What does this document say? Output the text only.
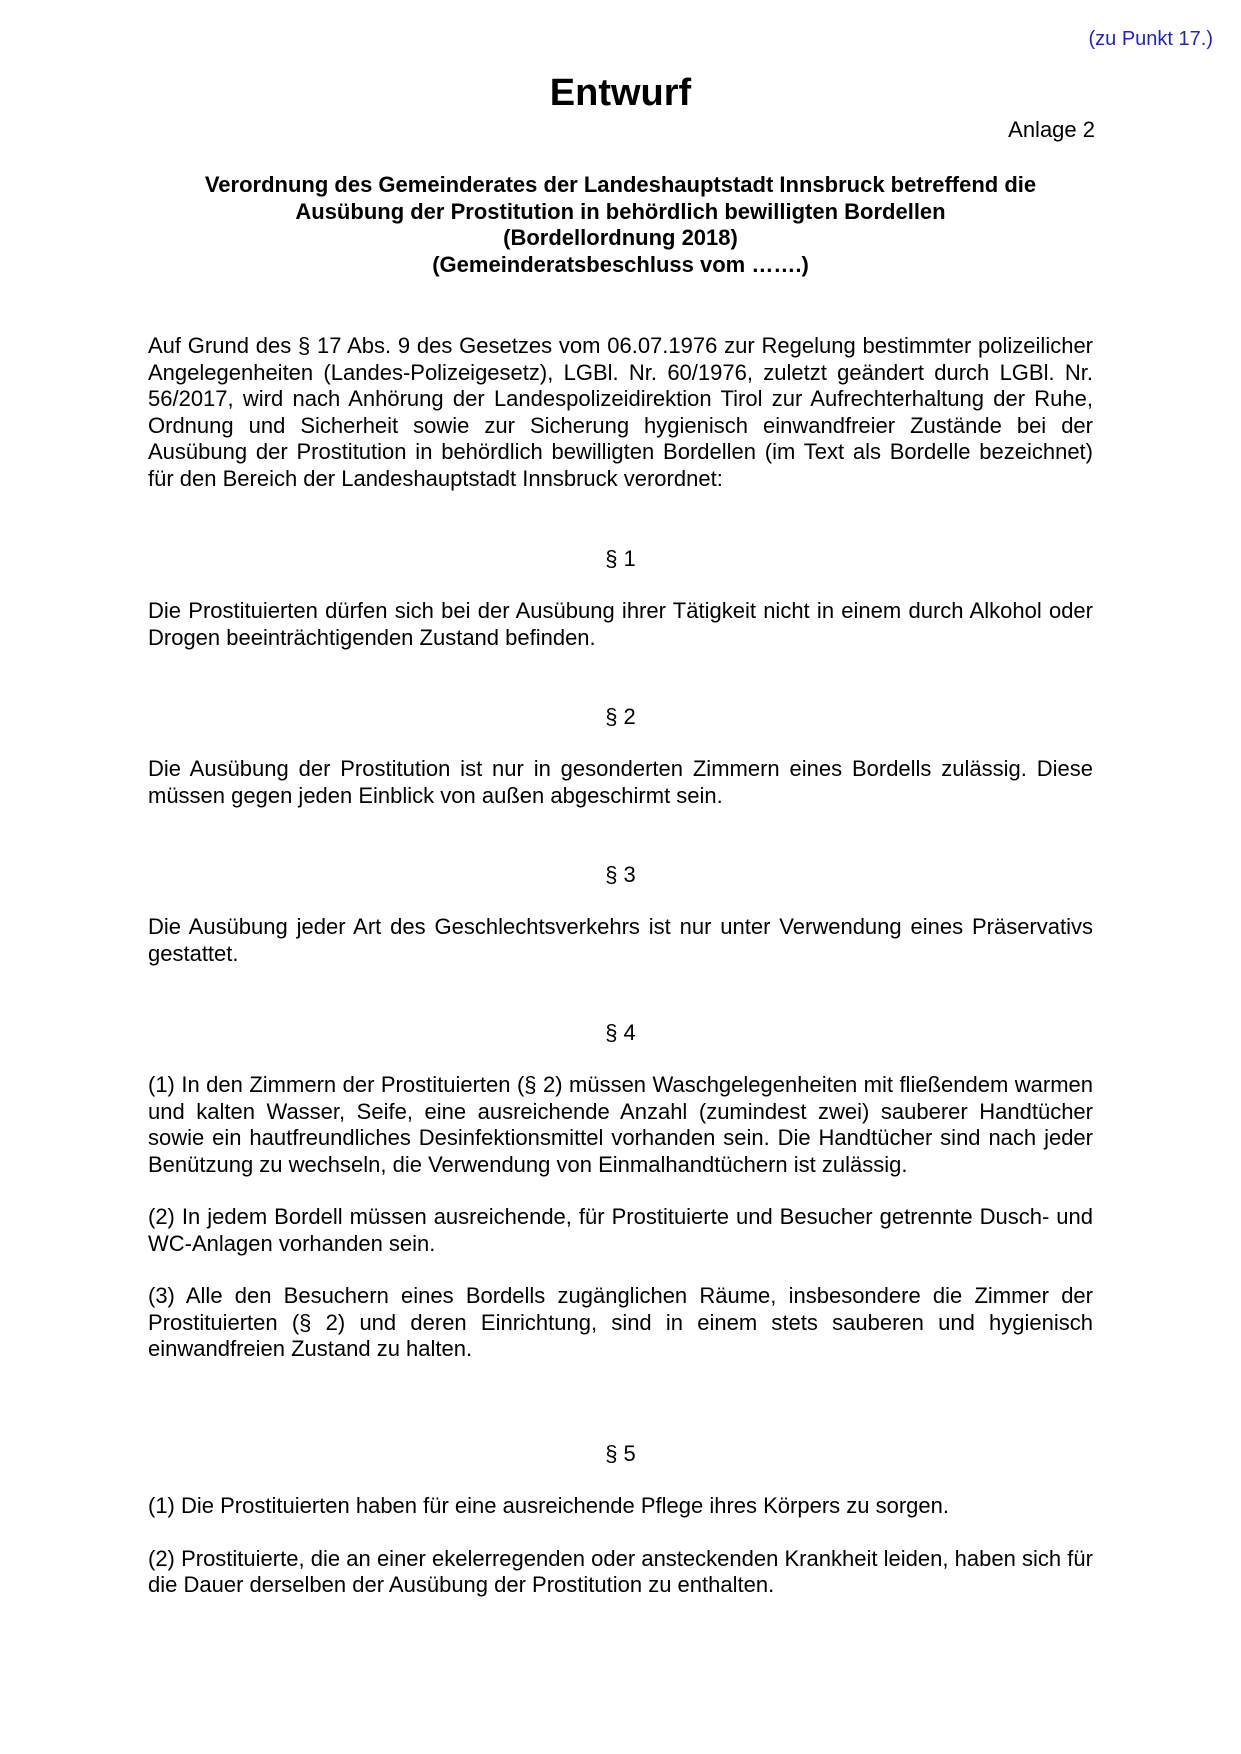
(zu Punkt 17.)
Entwurf
Anlage 2
Verordnung des Gemeinderates der Landeshauptstadt Innsbruck betreffend die
Ausübung der Prostitution in behördlich bewilligten Bordellen
(Bordellordnung 2018)
(Gemeinderatsbeschluss vom …….)

Auf Grund des § 17 Abs. 9 des Gesetzes vom 06.07.1976 zur Regelung bestimmter polizeilicher Angelegenheiten (Landes-Polizeigesetz), LGBl. Nr. 60/1976, zuletzt geändert durch LGBl. Nr. 56/2017, wird nach Anhörung der Landespolizeidirektion Tirol zur Aufrechterhaltung der Ruhe, Ordnung und Sicherheit sowie zur Sicherung hygienisch einwandfreier Zustände bei der Ausübung der Prostitution in behördlich bewilligten Bordellen (im Text als Bordelle bezeichnet) für den Bereich der Landeshauptstadt Innsbruck verordnet:

§ 1

Die Prostituierten dürfen sich bei der Ausübung ihrer Tätigkeit nicht in einem durch Alkohol oder Drogen beeinträchtigenden Zustand befinden.

§ 2

Die Ausübung der Prostitution ist nur in gesonderten Zimmern eines Bordells zulässig. Diese müssen gegen jeden Einblick von außen abgeschirmt sein.

§ 3

Die Ausübung jeder Art des Geschlechtsverkehrs ist nur unter Verwendung eines Präservativs gestattet.

§ 4

(1) In den Zimmern der Prostituierten (§ 2) müssen Waschgelegenheiten mit fließendem warmen und kalten Wasser, Seife, eine ausreichende Anzahl (zumindest zwei) sauberer Handtücher sowie ein hautfreundliches Desinfektionsmittel vorhanden sein. Die Handtücher sind nach jeder Benützung zu wechseln, die Verwendung von Einmalhandtüchern ist zulässig.

(2) In jedem Bordell müssen ausreichende, für Prostituierte und Besucher getrennte Dusch- und WC-Anlagen vorhanden sein.

(3) Alle den Besuchern eines Bordells zugänglichen Räume, insbesondere die Zimmer der Prostituierten (§ 2) und deren Einrichtung, sind in einem stets sauberen und hygienisch einwandfreien Zustand zu halten.

§ 5

(1) Die Prostituierten haben für eine ausreichende Pflege ihres Körpers zu sorgen.

(2) Prostituierte, die an einer ekelerregenden oder ansteckenden Krankheit leiden, haben sich für die Dauer derselben der Ausübung der Prostitution zu enthalten.
